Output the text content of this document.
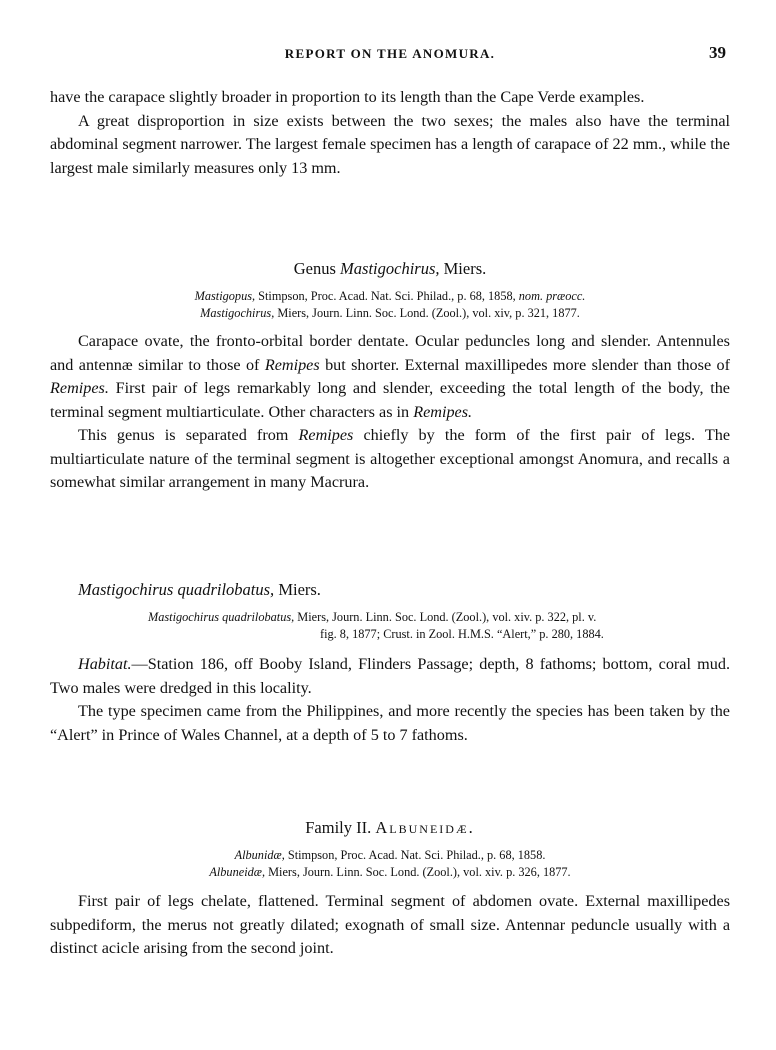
REPORT ON THE ANOMURA.	39

have the carapace slightly broader in proportion to its length than the Cape Verde examples.

A great disproportion in size exists between the two sexes; the males also have the terminal abdominal segment narrower. The largest female specimen has a length of carapace of 22 mm., while the largest male similarly measures only 13 mm.

Genus Mastigochirus, Miers.

Mastigopus, Stimpson, Proc. Acad. Nat. Sci. Philad., p. 68, 1858, nom. præocc.

Mastigochirus, Miers, Journ. Linn. Soc. Lond. (Zool.), vol. xiv, p. 321, 1877.

Carapace ovate, the fronto-orbital border dentate. Ocular peduncles long and slender. Antennules and antennæ similar to those of Remipes but shorter. External maxillipedes more slender than those of Remipes. First pair of legs remarkably long and slender, exceeding the total length of the body, the terminal segment multiarticulate. Other characters as in Remipes.

This genus is separated from Remipes chiefly by the form of the first pair of legs. The multiarticulate nature of the terminal segment is altogether exceptional amongst Anomura, and recalls a somewhat similar arrangement in many Macrura.

Mastigochirus quadrilobatus, Miers.

Mastigochirus quadrilobatus, Miers, Journ. Linn. Soc. Lond. (Zool.), vol. xiv. p. 322, pl. v.

fig. 8, 1877; Crust. in Zool. H.M.S. “Alert,” p. 280, 1884.

Habitat.—Station 186, off Booby Island, Flinders Passage; depth, 8 fathoms; bottom, coral mud. Two males were dredged in this locality.

The type specimen came from the Philippines, and more recently the species has been taken by the “Alert” in Prince of Wales Channel, at a depth of 5 to 7 fathoms.

Family II. Albuneidæ.

Albunidæ, Stimpson, Proc. Acad. Nat. Sci. Philad., p. 68, 1858.

Albuneidæ, Miers, Journ. Linn. Soc. Lond. (Zool.), vol. xiv. p. 326, 1877.

First pair of legs chelate, flattened. Terminal segment of abdomen ovate. External maxillipedes subpediform, the merus not greatly dilated; exognath of small size. Antennar peduncle usually with a distinct acicle arising from the second joint.
